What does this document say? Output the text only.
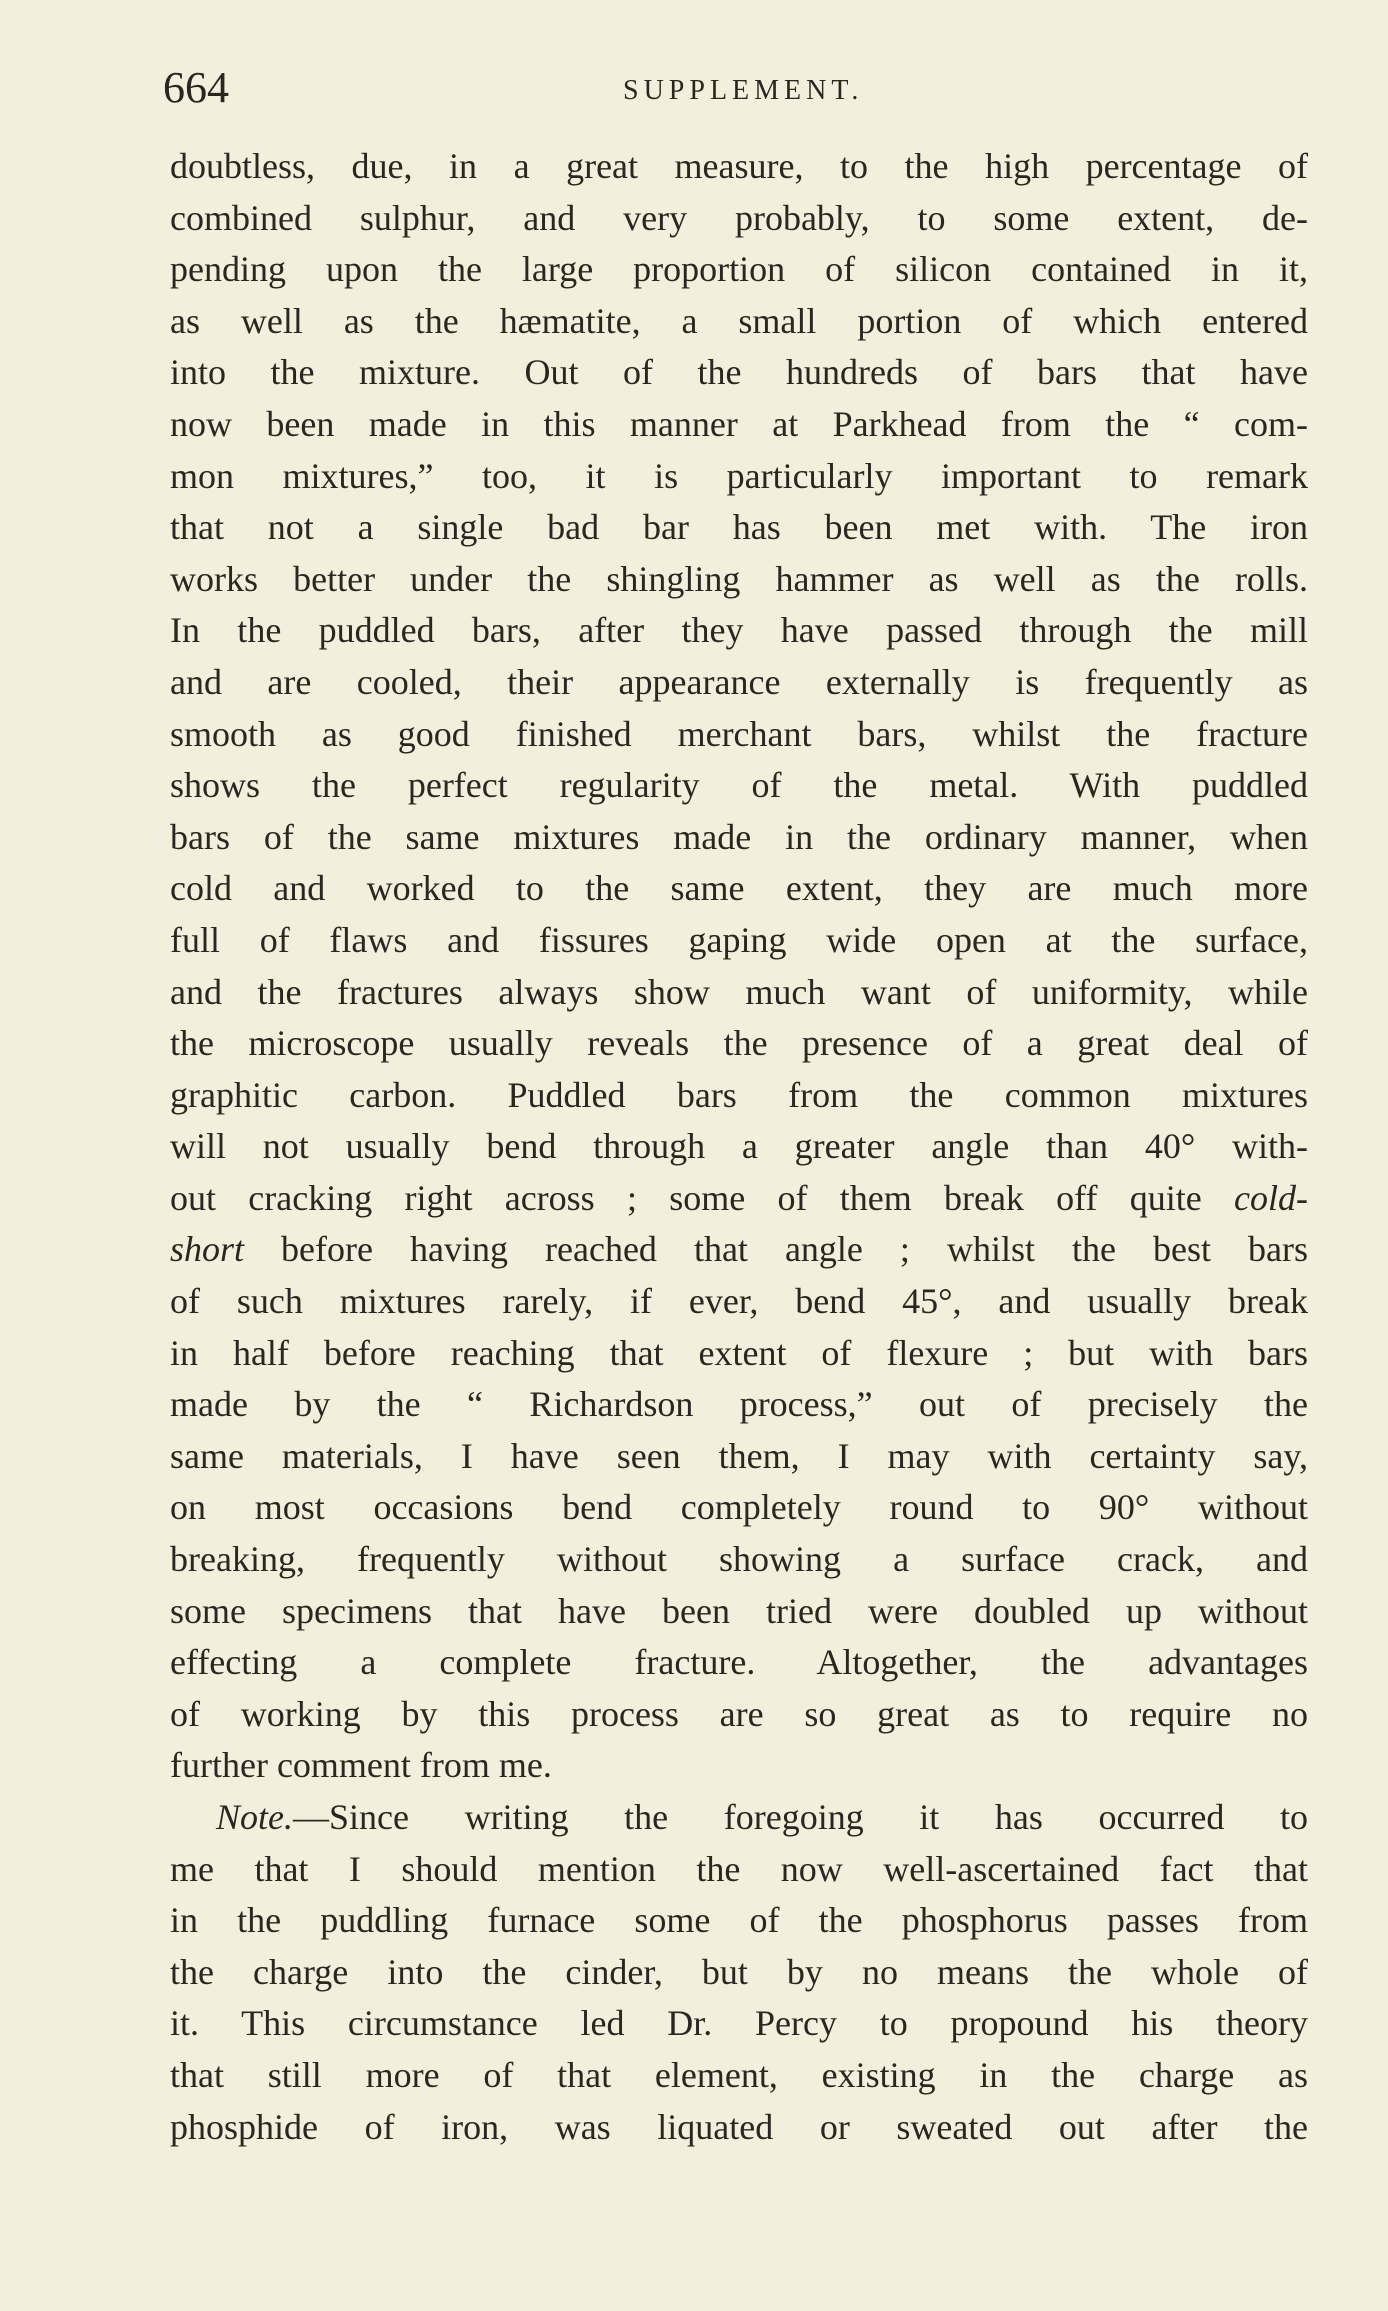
664	SUPPLEMENT.
doubtless, due, in a great measure, to the high percentage of
combined sulphur, and very probably, to some extent, de-
pending upon the large proportion of silicon contained in it,
as well as the hæmatite, a small portion of which entered
into the mixture. Out of the hundreds of bars that have
now been made in this manner at Parkhead from the “ com-
mon mixtures,” too, it is particularly important to remark
that not a single bad bar has been met with. The iron
works better under the shingling hammer as well as the rolls.
In the puddled bars, after they have passed through the mill
and are cooled, their appearance externally is frequently as
smooth as good finished merchant bars, whilst the fracture
shows the perfect regularity of the metal. With puddled
bars of the same mixtures made in the ordinary manner, when
cold and worked to the same extent, they are much more
full of flaws and fissures gaping wide open at the surface,
and the fractures always show much want of uniformity, while
the microscope usually reveals the presence of a great deal of
graphitic carbon. Puddled bars from the common mixtures
will not usually bend through a greater angle than 40° with-
out cracking right across ; some of them break off quite cold-
short before having reached that angle ; whilst the best bars
of such mixtures rarely, if ever, bend 45°, and usually break
in half before reaching that extent of flexure ; but with bars
made by the “ Richardson process,” out of precisely the
same materials, I have seen them, I may with certainty say,
on most occasions bend completely round to 90° without
breaking, frequently without showing a surface crack, and
some specimens that have been tried were doubled up without
effecting a complete fracture. Altogether, the advantages
of working by this process are so great as to require no
further comment from me.
Note.—Since writing the foregoing it has occurred to
me that I should mention the now well-ascertained fact that
in the puddling furnace some of the phosphorus passes from
the charge into the cinder, but by no means the whole of
it. This circumstance led Dr. Percy to propound his theory
that still more of that element, existing in the charge as
phosphide of iron, was liquated or sweated out after the
